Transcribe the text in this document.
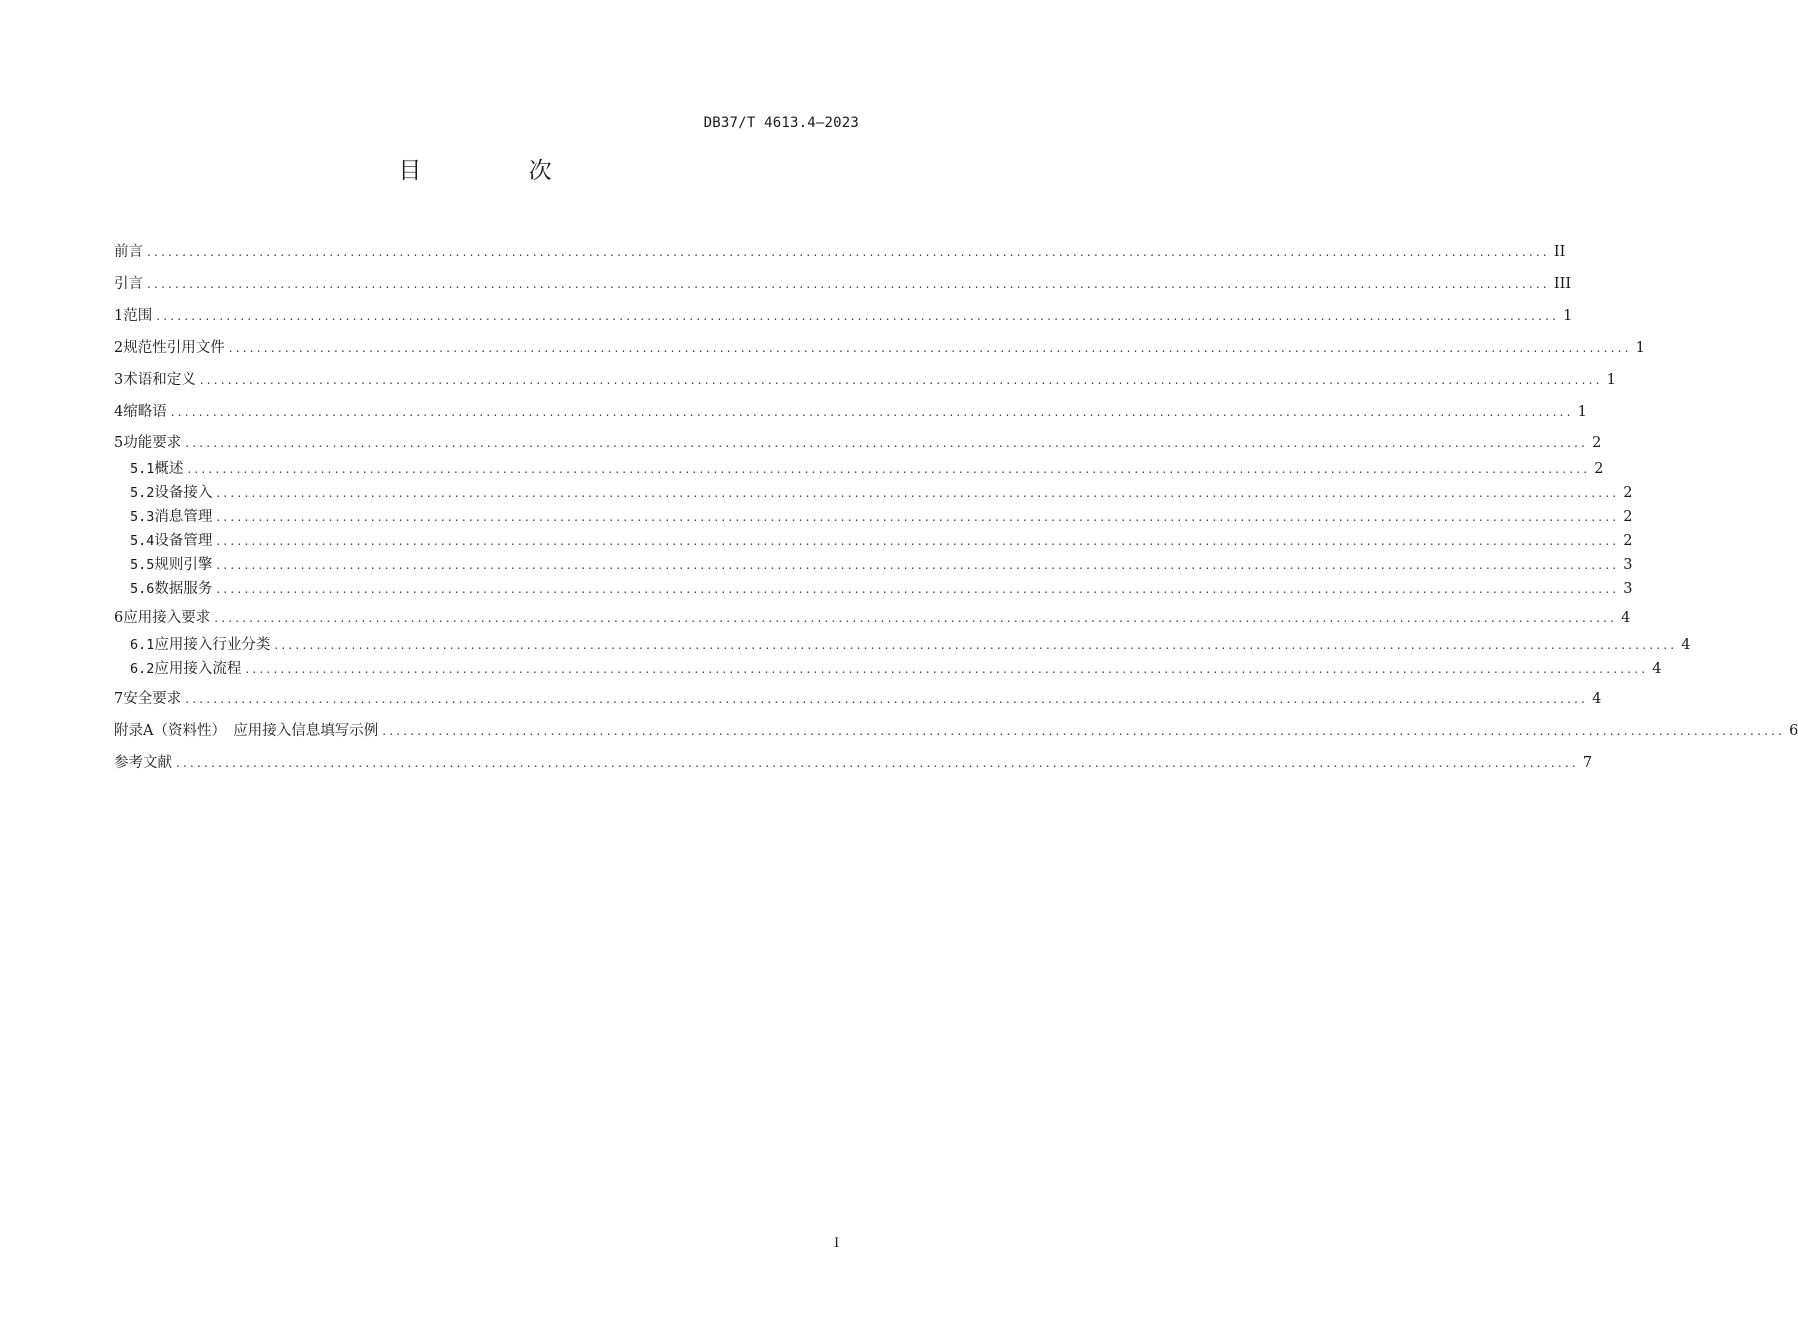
DB37/T 4613.4—2023
目 次
前言 ........................................................................................................................................................................................................ II
引言 ........................................................................................................................................................................................................ III
1 范围 ........................................................................................................................................................................................................ 1
2 规范性引用文件 ........................................................................................................................................................................................................ 1
3 术语和定义 ........................................................................................................................................................................................................ 1
4 缩略语 ........................................................................................................................................................................................................ 1
5 功能要求 ........................................................................................................................................................................................................ 2
5.1 概述 ........................................................................................................................................................................................................ 2
5.2 设备接入 ........................................................................................................................................................................................................ 2
5.3 消息管理 ........................................................................................................................................................................................................ 2
5.4 设备管理 ........................................................................................................................................................................................................ 2
5.5 规则引擎 ........................................................................................................................................................................................................ 3
5.6 数据服务 ........................................................................................................................................................................................................ 3
6 应用接入要求 ........................................................................................................................................................................................................ 4
6.1 应用接入行业分类 ........................................................................................................................................................................................................ 4
6.2 应用接入流程 ........................................................................................................................................................................................................ 4
7 安全要求 ........................................................................................................................................................................................................ 4
附录A（资料性）　应用接入信息填写示例 ........................................................................................................................................................................................................ 6
参考文献 ........................................................................................................................................................................................................ 7
I
